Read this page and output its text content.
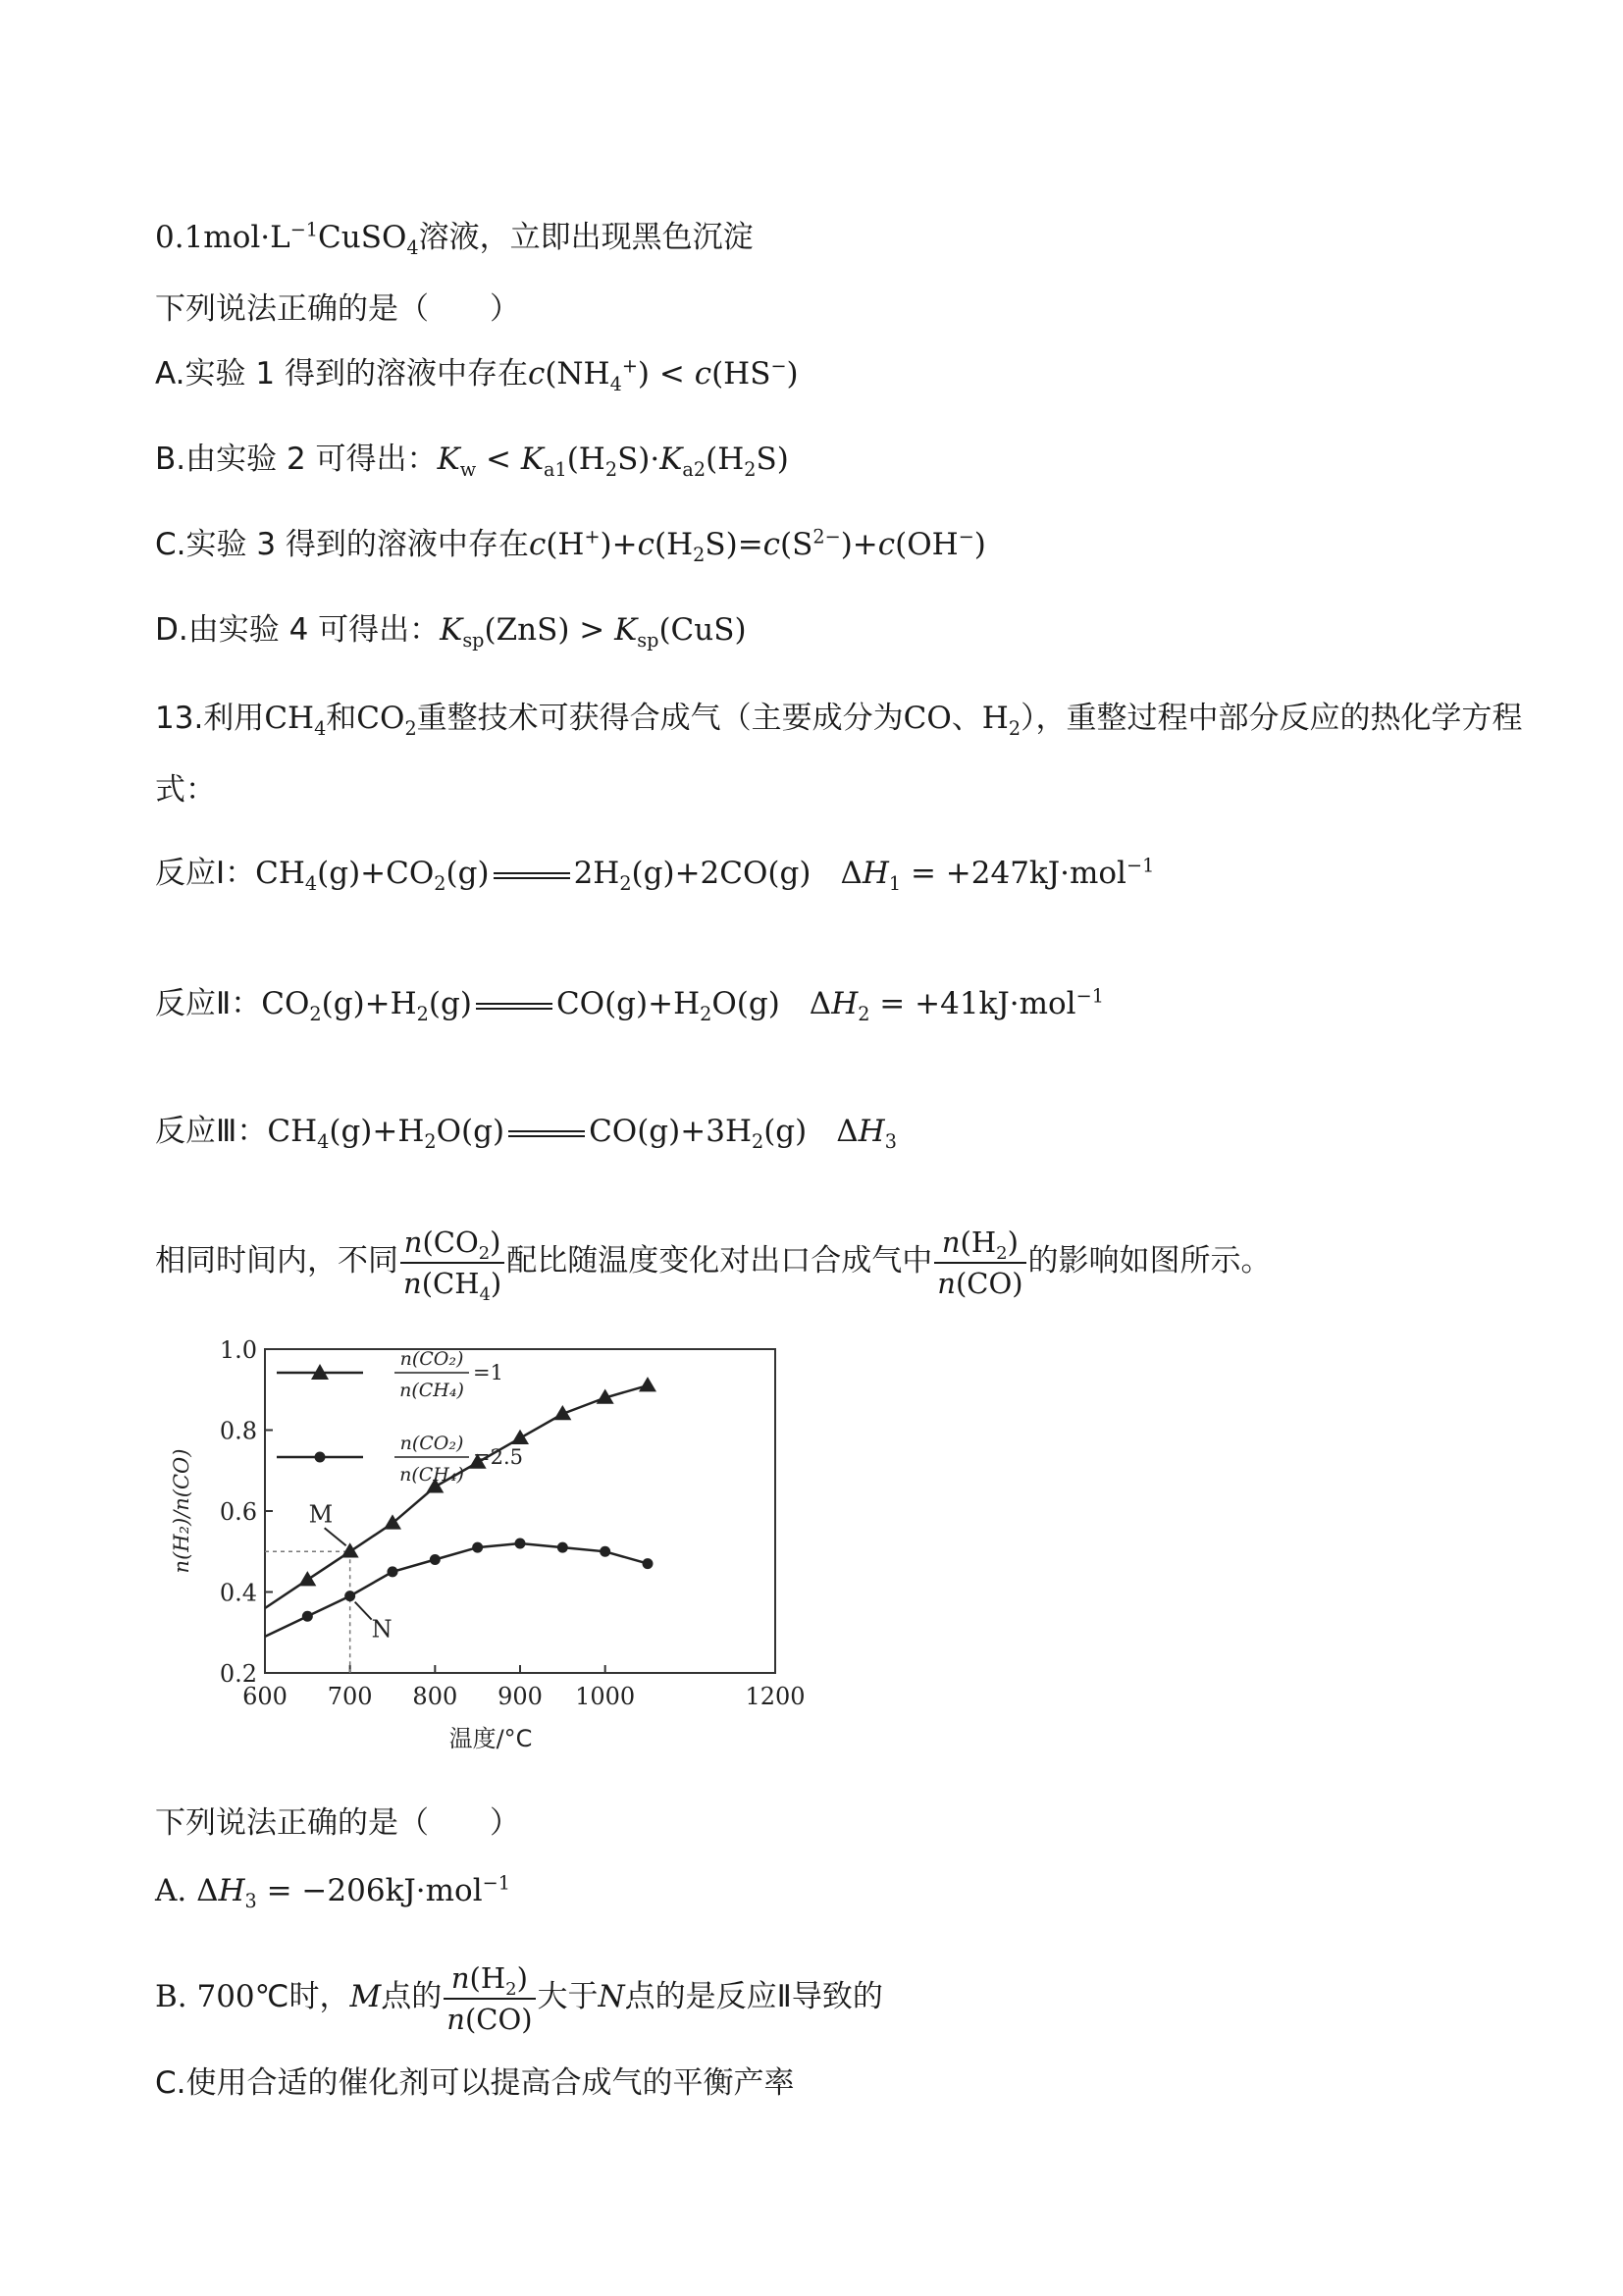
$0.1mol\cdot L^{-1}CuSO_4$溶液，立即出现黑色沉淀
下列说法正确的是（　　）
A.实验 1 得到的溶液中存在$c(NH_4^+) < c(HS^-)$
B.由实验 2 可得出：$K_w < K_{a1}(H_2S)\cdot K_{a2}(H_2S)$
C.实验 3 得到的溶液中存在$c(H^+)+c(H_2S)=c(S^{2-})+c(OH^-)$
D.由实验 4 可得出：$K_{sp}(ZnS) > K_{sp}(CuS)$
13.利用$CH_4$和$CO_2$重整技术可获得合成气（主要成分为CO、$H_2$），重整过程中部分反应的热化学方程
式：
反应Ⅰ：$CH_4(g)+CO_2(g)$	$2H_2(g)+2CO(g) \Delta H_1 = +247kJ\cdot mol^{-1}$
反应Ⅱ：$CO_2(g)+H_2(g)$	$CO(g)+H_2O(g) \Delta H_2 = +41kJ\cdot mol^{-1}$
反应Ⅲ：$CH_4(g)+H_2O(g)$	$CO(g)+3H_2(g)$ $\Delta H_3$
相同时间内，不同 $\frac{n(CO_2)}{n(CH_4)}$ 配比随温度变化对出口合成气中 $\frac{n(H_2)}{n(CO)}$ 的影响如图所示。
600 700 800 900 1000	1200
0.2
0.4
0.6
0.8
1.0
温度/°C
n(H₂)/n(CO)	M
N
n(CO₂)
n(CH₄)
=1
n(CO₂)
n(CH₄)
=2.5
下列说法正确的是（　　）
A. $\Delta H_3 = -206kJ\cdot mol^{-1}$
B. 700℃时，M点的 $\frac{n(H_2)}{n(CO)}$ 大于N点的是反应Ⅱ导致的
C.使用合适的催化剂可以提高合成气的平衡产率
